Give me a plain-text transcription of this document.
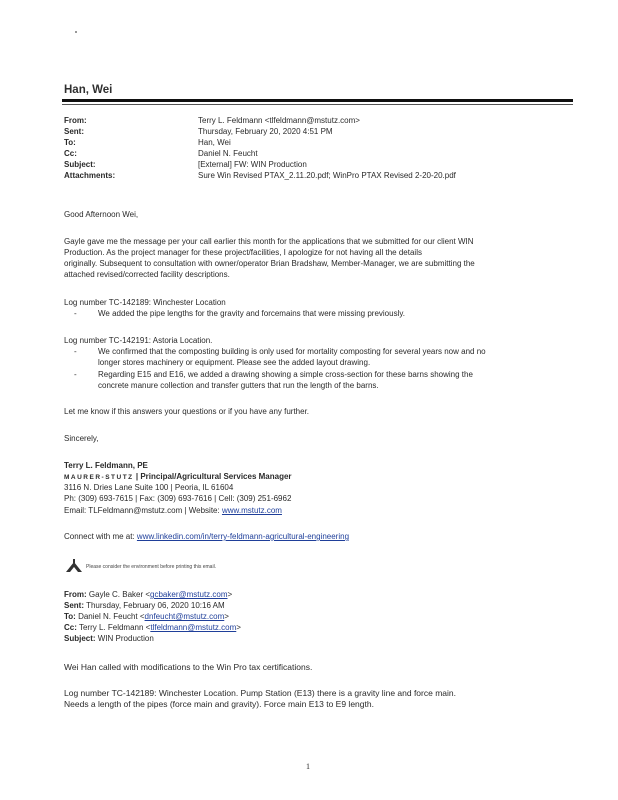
Han, Wei
From:	Terry L. Feldmann <tlfeldmann@mstutz.com>
Sent:	Thursday, February 20, 2020 4:51 PM
To:	Han, Wei
Cc:	Daniel N. Feucht
Subject:	[External] FW: WIN Production
Attachments:	Sure Win Revised PTAX_2.11.20.pdf; WinPro PTAX Revised 2-20-20.pdf
Good Afternoon Wei,
Gayle gave me the message per your call earlier this month for the applications that we submitted for our client WIN
Production. As the project manager for these project/facilities, I apologize for not having all the details
originally. Subsequent to consultation with owner/operator Brian Bradshaw, Member-Manager, we are submitting the
attached revised/corrected facility descriptions.
Log number TC-142189: Winchester Location
-	We added the pipe lengths for the gravity and forcemains that were missing previously.
Log number TC-142191: Astoria Location.
-	We confirmed that the composting building is only used for mortality composting for several years now and no
longer stores machinery or equipment. Please see the added layout drawing.
-	Regarding E15 and E16, we added a drawing showing a simple cross-section for these barns showing the
concrete manure collection and transfer gutters that run the length of the barns.
Let me know if this answers your questions or if you have any further.
Sincerely,
Terry L. Feldmann, PE
MAURER-STUTZ | Principal/Agricultural Services Manager
3116 N. Dries Lane Suite 100 | Peoria, IL 61604
Ph: (309) 693-7615 | Fax: (309) 693-7616 | Cell: (309) 251-6962
Email: TLFeldmann@mstutz.com | Website: www.mstutz.com
Connect with me at: www.linkedin.com/in/terry-feldmann-agricultural-engineering
Please consider the environment before printing this email.
From: Gayle C. Baker <gcbaker@mstutz.com>
Sent: Thursday, February 06, 2020 10:16 AM
To: Daniel N. Feucht <dnfeucht@mstutz.com>
Cc: Terry L. Feldmann <tlfeldmann@mstutz.com>
Subject: WIN Production
Wei Han called with modifications to the Win Pro tax certifications.
Log number TC-142189: Winchester Location. Pump Station (E13) there is a gravity line and force main.
Needs a length of the pipes (force main and gravity). Force main E13 to E9 length.
1
